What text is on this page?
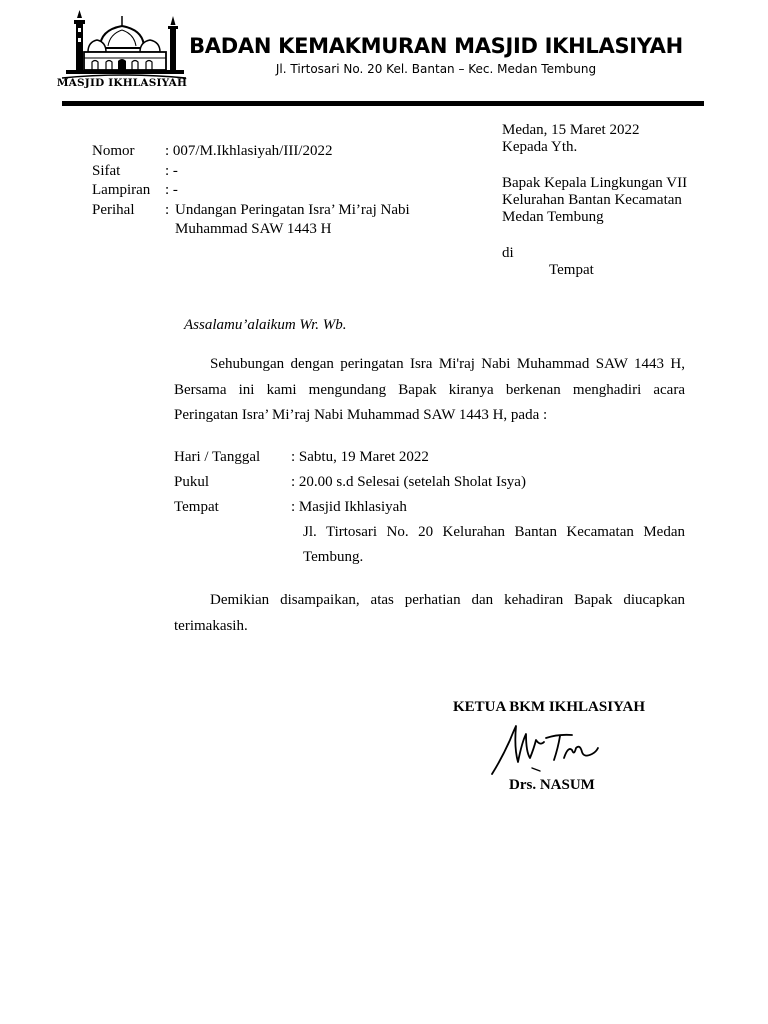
MASJID IKHLASIYAH
BADAN KEMAKMURAN MASJID IKHLASIYAH
Jl. Tirtosari No. 20 Kel. Bantan – Kec. Medan Tembung
Nomor	: 007/M.Ikhlasiyah/III/2022
Sifat	: -
Lampiran : -
Perihal	: Undangan Peringatan Isra’ Mi’raj Nabi Muhammad SAW 1443 H
Medan, 15 Maret 2022
Kepada Yth.
Bapak Kepala Lingkungan VII
Kelurahan Bantan Kecamatan
Medan Tembung
di
Tempat
Assalamu’alaikum Wr. Wb.
Sehubungan dengan peringatan Isra Mi'raj Nabi Muhammad SAW 1443 H, Bersama ini kami mengundang Bapak kiranya berkenan menghadiri acara Peringatan Isra’ Mi’raj Nabi Muhammad SAW 1443 H, pada :
Hari / Tanggal	: Sabtu, 19 Maret 2022
Pukul	: 20.00 s.d Selesai (setelah Sholat Isya)
Tempat	: Masjid Ikhlasiyah
Jl. Tirtosari No. 20 Kelurahan Bantan Kecamatan Medan Tembung.
Demikian disampaikan, atas perhatian dan kehadiran Bapak diucapkan terimakasih.
KETUA BKM IKHLASIYAH
Drs. NASUM
